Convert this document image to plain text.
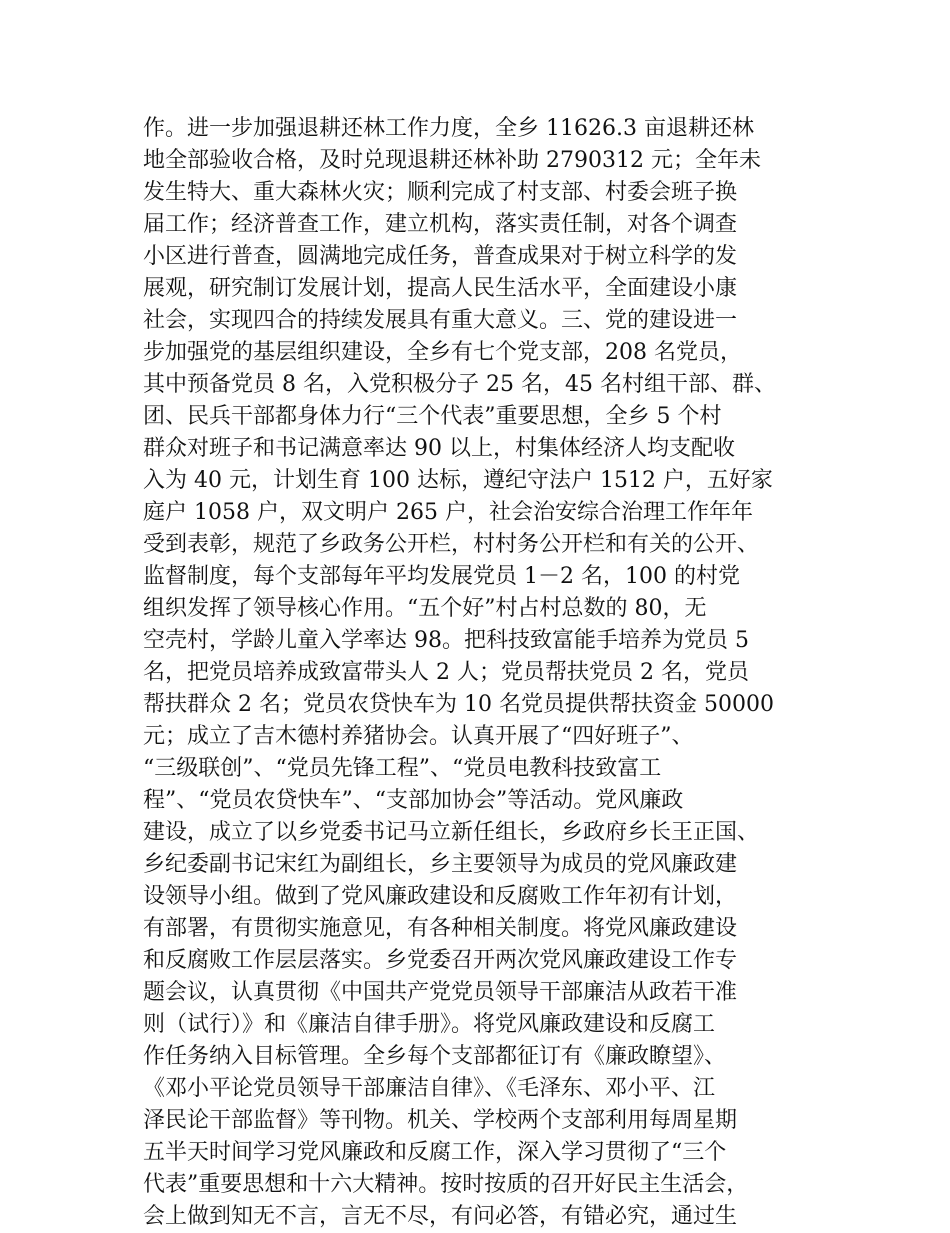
作。进一步加强退耕还林工作力度，全乡 11626.3 亩退耕还林
地全部验收合格，及时兑现退耕还林补助 2790312 元；全年未
发生特大、重大森林火灾；顺利完成了村支部、村委会班子换
届工作；经济普查工作，建立机构，落实责任制，对各个调查
小区进行普查，圆满地完成任务，普查成果对于树立科学的发
展观，研究制订发展计划，提高人民生活水平，全面建设小康
社会，实现四合的持续发展具有重大意义。三、党的建设进一
步加强党的基层组织建设，全乡有七个党支部，208 名党员，
其中预备党员 8 名，入党积极分子 25 名，45 名村组干部、群、
团、民兵干部都身体力行“三个代表”重要思想，全乡 5 个村
群众对班子和书记满意率达 90 以上，村集体经济人均支配收
入为 40 元，计划生育 100 达标，遵纪守法户 1512 户，五好家
庭户 1058 户，双文明户 265 户，社会治安综合治理工作年年
受到表彰，规范了乡政务公开栏，村村务公开栏和有关的公开、
监督制度，每个支部每年平均发展党员 1－2 名，100 的村党
组织发挥了领导核心作用。“五个好”村占村总数的 80，无
空壳村，学龄儿童入学率达 98。把科技致富能手培养为党员 5
名，把党员培养成致富带头人 2 人；党员帮扶党员 2 名，党员
帮扶群众 2 名；党员农贷快车为 10 名党员提供帮扶资金 50000
元；成立了吉木德村养猪协会。认真开展了“四好班子”、
“三级联创”、“党员先锋工程”、“党员电教科技致富工
程”、“党员农贷快车”、“支部加协会”等活动。党风廉政
建设，成立了以乡党委书记马立新任组长，乡政府乡长王正国、
乡纪委副书记宋红为副组长，乡主要领导为成员的党风廉政建
设领导小组。做到了党风廉政建设和反腐败工作年初有计划，
有部署，有贯彻实施意见，有各种相关制度。将党风廉政建设
和反腐败工作层层落实。乡党委召开两次党风廉政建设工作专
题会议，认真贯彻《中国共产党党员领导干部廉洁从政若干准
则（试行）》和《廉洁自律手册》。将党风廉政建设和反腐工
作任务纳入目标管理。全乡每个支部都征订有《廉政瞭望》、
《邓小平论党员领导干部廉洁自律》、《毛泽东、邓小平、江
泽民论干部监督》等刊物。机关、学校两个支部利用每周星期
五半天时间学习党风廉政和反腐工作，深入学习贯彻了“三个
代表”重要思想和十六大精神。按时按质的召开好民主生活会，
会上做到知无不言，言无不尽，有问必答，有错必究，通过生
